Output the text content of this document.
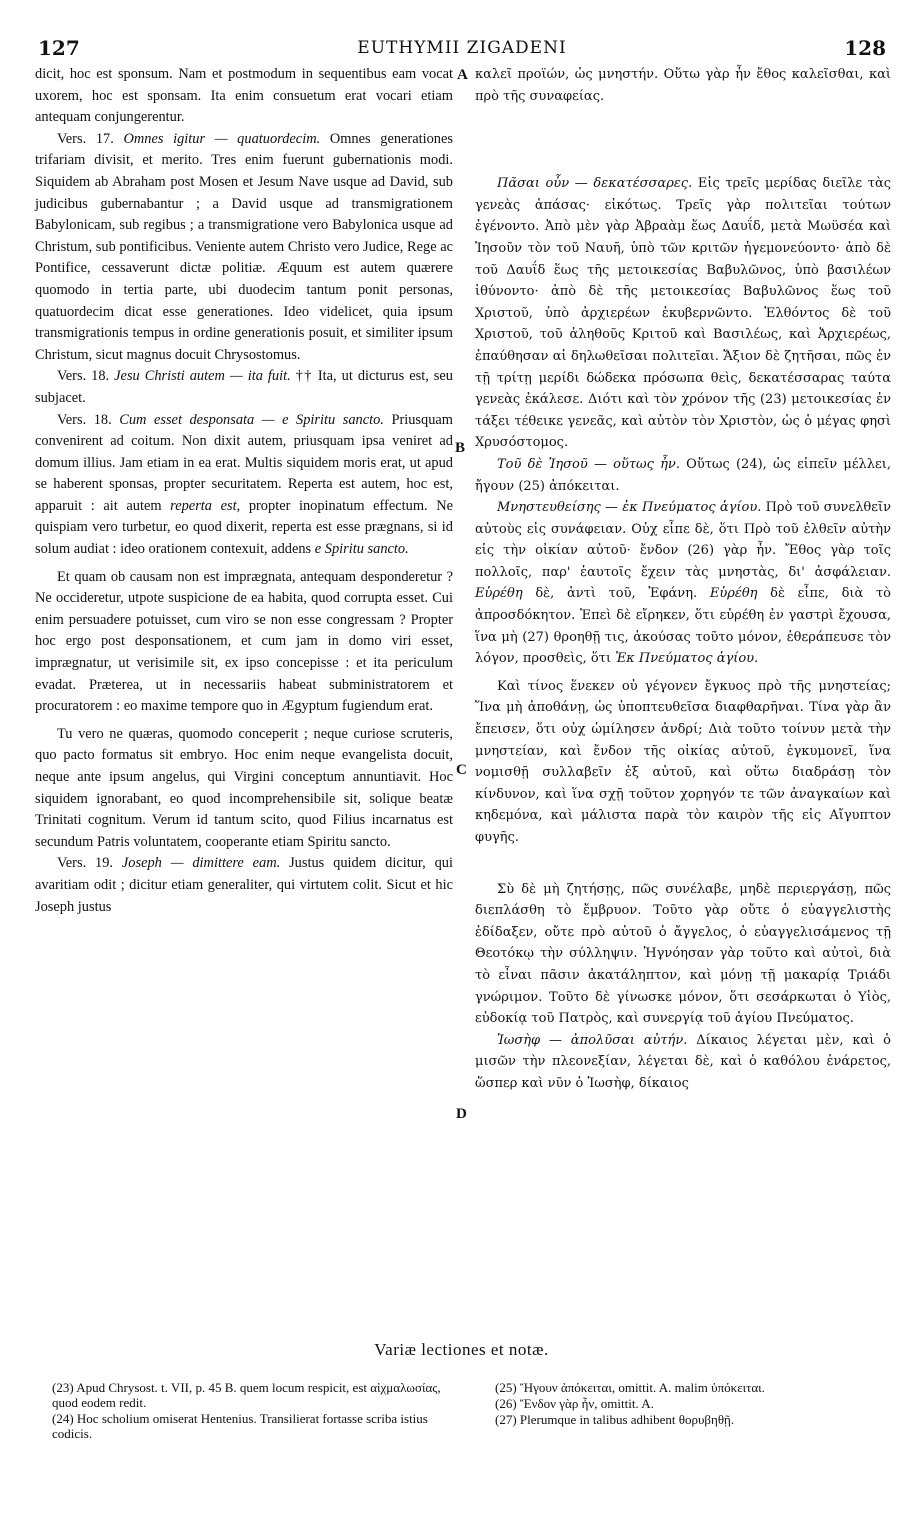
127	EUTHYMII ZIGADENI	128
A
B
C
D

dicit, hoc est sponsum. Nam et postmodum in sequentibus eam vocat uxorem, hoc est sponsam. Ita enim consuetum erat vocari etiam antequam conjungerentur.

Vers. 17. Omnes igitur — quatuordecim. Omnes generationes trifariam divisit, et merito. Tres enim fuerunt gubernationis modi. Siquidem ab Abraham post Mosen et Jesum Nave usque ad David, sub judicibus gubernabantur ; a David usque ad transmigrationem Babylonicam, sub regibus ; a transmigratione vero Babylonica usque ad Christum, sub pontificibus. Veniente autem Christo vero Judice, Rege ac Pontifice, cessaverunt dictæ politiæ. Æquum est autem quærere quomodo in tertia parte, ubi duodecim tantum ponit personas, quatuordecim dicat esse generationes. Ideo videlicet, quia ipsum transmigrationis tempus in ordine generationis posuit, et similiter ipsum Christum, sicut magnus docuit Chrysostomus.

Vers. 18. Jesu Christi autem — ita fuit. †† Ita, ut dicturus est, seu subjacet.

Vers. 18. Cum esset desponsata — e Spiritu sancto. Priusquam convenirent ad coitum. Non dixit autem, priusquam ipsa veniret ad domum illius. Jam etiam in ea erat. Multis siquidem moris erat, ut apud se haberent sponsas, propter securitatem. Reperta est autem, hoc est, apparuit : ait autem reperta est, propter inopinatum effectum. Ne quispiam vero turbetur, eo quod dixerit, reperta est esse prægnans, si id solum audiat : ideo orationem contexuit, addens e Spiritu sancto.

Et quam ob causam non est imprægnata, antequam desponderetur ? Ne occideretur, utpote suspicione de ea habita, quod corrupta esset. Cui enim persuadere potuisset, cum viro se non esse congressam ? Propter hoc ergo post desponsationem, et cum jam in domo viri esset, imprægnatur, ut verisimile sit, ex ipso concepisse : et ita periculum evadat. Præterea, ut in necessariis habeat subministratorem et procuratorem : eo maxime tempore quo in Ægyptum fugiendum erat.

Tu vero ne quæras, quomodo conceperit ; neque curiose scruteris, quo pacto formatus sit embryo. Hoc enim neque evangelista docuit, neque ante ipsum angelus, qui Virgini conceptum annuntiavit. Hoc siquidem ignorabant, eo quod incomprehensibile sit, solique beatæ Trinitati cognitum. Verum id tantum scito, quod Filius incarnatus est secundum Patris voluntatem, cooperante etiam Spiritu sancto.

Vers. 19. Joseph — dimittere eam. Justus quidem dicitur, qui avaritiam odit ; dicitur etiam generaliter, qui virtutem colit. Sicut et hic Joseph justus

καλεῖ προϊών, ὡς μνηστήν. Οὕτω γὰρ ἦν ἔθος καλεῖσθαι, καὶ πρὸ τῆς συναφείας.

Πᾶσαι οὖν — δεκατέσσαρες. Εἰς τρεῖς μερίδας διεῖλε τὰς γενεὰς ἁπάσας· εἰκότως. Τρεῖς γὰρ πολιτεῖαι τούτων ἐγένοντο. Ἀπὸ μὲν γὰρ Ἀβραὰμ ἕως Δαυΐδ, μετὰ Μωϋσέα καὶ Ἰησοῦν τὸν τοῦ Ναυῆ, ὑπὸ τῶν κριτῶν ἡγεμονεύοντο· ἀπὸ δὲ τοῦ Δαυΐδ ἕως τῆς μετοικεσίας Βαβυλῶνος, ὑπὸ βασιλέων ἰθύνοντο· ἀπὸ δὲ τῆς μετοικεσίας Βαβυλῶνος ἕως τοῦ Χριστοῦ, ὑπὸ ἀρχιερέων ἐκυβερνῶντο. Ἐλθόντος δὲ τοῦ Χριστοῦ, τοῦ ἀληθοῦς Κριτοῦ καὶ Βασιλέως, καὶ Ἀρχιερέως, ἐπαύθησαν αἱ δηλωθεῖσαι πολιτεῖαι. Ἄξιον δὲ ζητῆσαι, πῶς ἐν τῇ τρίτῃ μερίδι δώδεκα πρόσωπα θεὶς, δεκατέσσαρας ταύτα γενεὰς ἐκάλεσε. Διότι καὶ τὸν χρόνον τῆς (23) μετοικεσίας ἐν τάξει τέθεικε γενεᾶς, καὶ αὐτὸν τὸν Χριστὸν, ὡς ὁ μέγας φησὶ Χρυσόστομος.

Τοῦ δὲ Ἰησοῦ — οὕτως ἦν. Οὕτως (24), ὡς εἰπεῖν μέλλει, ἤγουν (25) ἀπόκειται.

Μνηστευθείσης — ἐκ Πνεύματος ἁγίου. Πρὸ τοῦ συνελθεῖν αὐτοὺς εἰς συνάφειαν. Οὐχ εἶπε δὲ, ὅτι Πρὸ τοῦ ἐλθεῖν αὐτὴν εἰς τὴν οἰκίαν αὐτοῦ· ἔνδον (26) γὰρ ἦν. Ἔθος γὰρ τοῖς πολλοῖς, παρ' ἑαυτοῖς ἔχειν τὰς μνηστὰς, δι' ἀσφάλειαν. Εὑρέθη δὲ, ἀντὶ τοῦ, Ἐφάνη. Εὑρέθη δὲ εἶπε, διὰ τὸ ἀπροσδόκητον. Ἐπεὶ δὲ εἴρηκεν, ὅτι εὑρέθη ἐν γαστρὶ ἔχουσα, ἵνα μὴ (27) θροηθῇ τις, ἀκούσας τοῦτο μόνον, ἐθεράπευσε τὸν λόγον, προσθεὶς, ὅτι Ἐκ Πνεύματος ἁγίου.

Καὶ τίνος ἕνεκεν οὐ γέγονεν ἔγκυος πρὸ τῆς μνηστείας; Ἵνα μὴ ἀποθάνῃ, ὡς ὑποπτευθεῖσα διαφθαρῆναι. Τίνα γὰρ ἂν ἔπεισεν, ὅτι οὐχ ὡμίλησεν ἀνδρί; Διὰ τοῦτο τοίνυν μετὰ τὴν μνηστείαν, καὶ ἔνδον τῆς οἰκίας αὐτοῦ, ἐγκυμονεῖ, ἵνα νομισθῇ συλλαβεῖν ἐξ αὐτοῦ, καὶ οὕτω διαδράσῃ τὸν κίνδυνον, καὶ ἵνα σχῇ τοῦτον χορηγόν τε τῶν ἀναγκαίων καὶ κηδεμόνα, καὶ μάλιστα παρὰ τὸν καιρὸν τῆς εἰς Αἴγυπτον φυγῆς.

Σὺ δὲ μὴ ζητήσῃς, πῶς συνέλαβε, μηδὲ περιεργάσῃ, πῶς διεπλάσθη τὸ ἔμβρυον. Τοῦτο γὰρ οὔτε ὁ εὐαγγελιστὴς ἐδίδαξεν, οὔτε πρὸ αὐτοῦ ὁ ἄγγελος, ὁ εὐαγγελισάμενος τῇ Θεοτόκῳ τὴν σύλληψιν. Ἠγνόησαν γὰρ τοῦτο καὶ αὐτοὶ, διὰ τὸ εἶναι πᾶσιν ἀκατάληπτον, καὶ μόνῃ τῇ μακαρίᾳ Τριάδι γνώριμον. Τοῦτο δὲ γίνωσκε μόνον, ὅτι σεσάρκωται ὁ Υἱὸς, εὐδοκίᾳ τοῦ Πατρὸς, καὶ συνεργίᾳ τοῦ ἁγίου Πνεύματος.

Ἰωσὴφ — ἀπολῦσαι αὐτήν. Δίκαιος λέγεται μὲν, καὶ ὁ μισῶν τὴν πλεονεξίαν, λέγεται δὲ, καὶ ὁ καθόλου ἐνάρετος, ὥσπερ καὶ νῦν ὁ Ἰωσὴφ, δίκαιος

Variæ lectiones et notæ.

(23) Apud Chrysost. t. VII, p. 45 B. quem locum respicit, est αἰχμαλωσίας, quod eodem redit.

(24) Hoc scholium omiserat Hentenius. Transilierat fortasse scriba istius codicis.

(25) Ἤγουν ἀπόκειται, omittit. A. malim ὑπόκειται.

(26) Ἔνδον γὰρ ἦν, omittit. A.

(27) Plerumque in talibus adhibent θορυβηθῇ.
